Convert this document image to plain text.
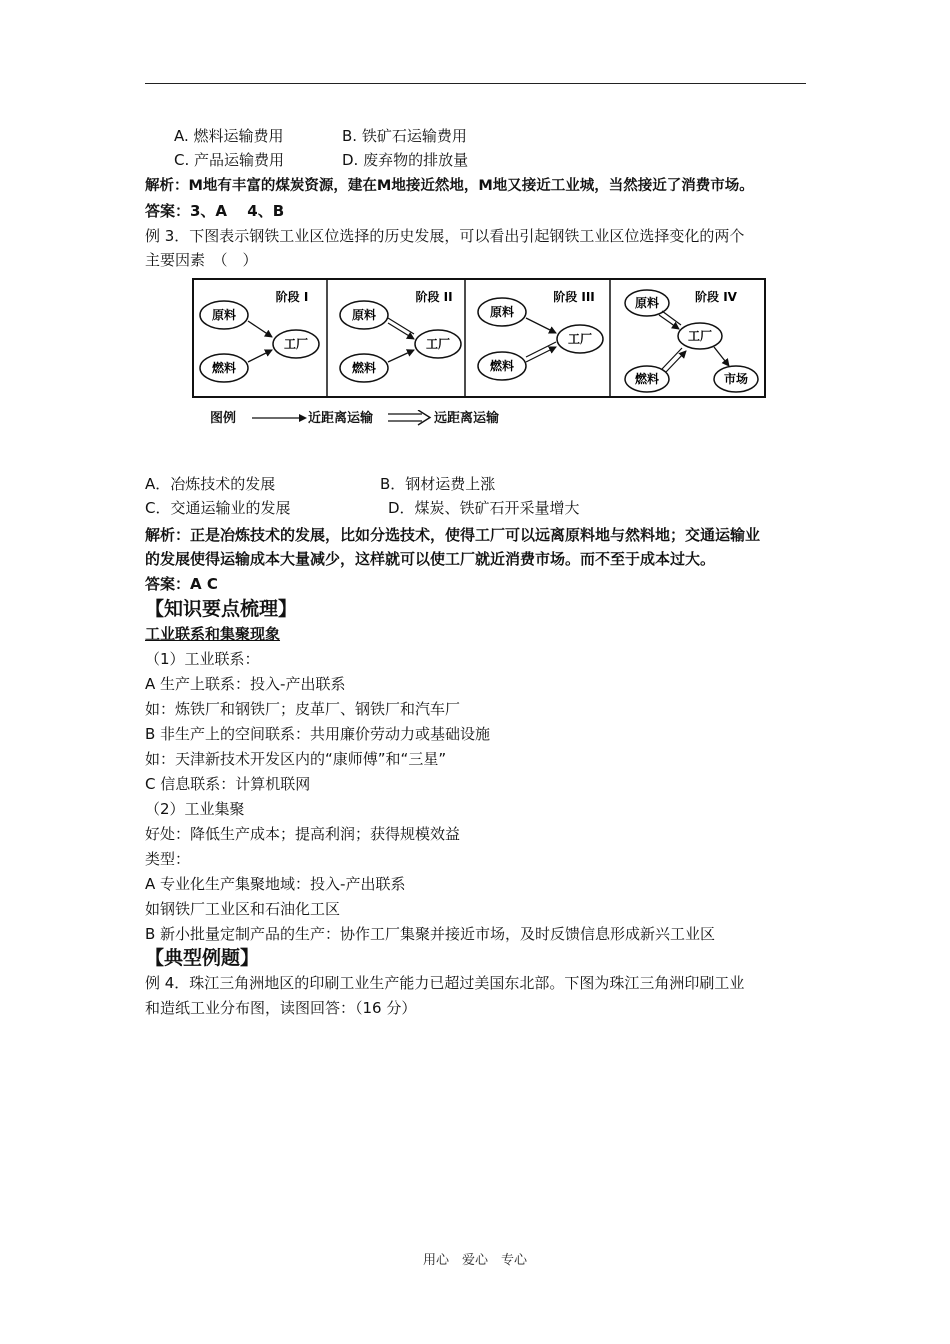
A. 燃料运输费用	B. 铁矿石运输费用
C. 产品运输费用	D. 废弃物的排放量
解析：M地有丰富的煤炭资源，建在M地接近然地，M地又接近工业城，当然接近了消费市场。
答案：3、A　 4、B
例 3．下图表示钢铁工业区位选择的历史发展，可以看出引起钢铁工业区位选择变化的两个
主要因素　（　）
阶段 I
原料
燃料
工厂
阶段 II
原料
燃料
工厂
阶段 III
原料
燃料
工厂
阶段 IV
原料
工厂
燃料	市场
图例	近距离运输	远距离运输
A．冶炼技术的发展	B．钢材运费上涨
C．交通运输业的发展	D．煤炭、铁矿石开采量增大
解析：正是冶炼技术的发展，比如分选技术，使得工厂可以远离原料地与然料地；交通运输业
的发展使得运输成本大量减少，这样就可以使工厂就近消费市场。而不至于成本过大。
答案：A C
【知识要点梳理】
工业联系和集聚现象
（1）工业联系：
A 生产上联系：投入-产出联系
如：炼铁厂和钢铁厂；皮革厂、钢铁厂和汽车厂
B 非生产上的空间联系：共用廉价劳动力或基础设施
如：天津新技术开发区内的“康师傅”和“三星”
C 信息联系：计算机联网
（2）工业集聚
好处：降低生产成本；提高利润；获得规模效益
类型：
A 专业化生产集聚地域：投入-产出联系
如钢铁厂工业区和石油化工区
B 新小批量定制产品的生产：协作工厂集聚并接近市场，及时反馈信息形成新兴工业区
【典型例题】
例 4．珠江三角洲地区的印刷工业生产能力已超过美国东北部。下图为珠江三角洲印刷工业
和造纸工业分布图，读图回答：（16 分）
用心　爱心　专心
